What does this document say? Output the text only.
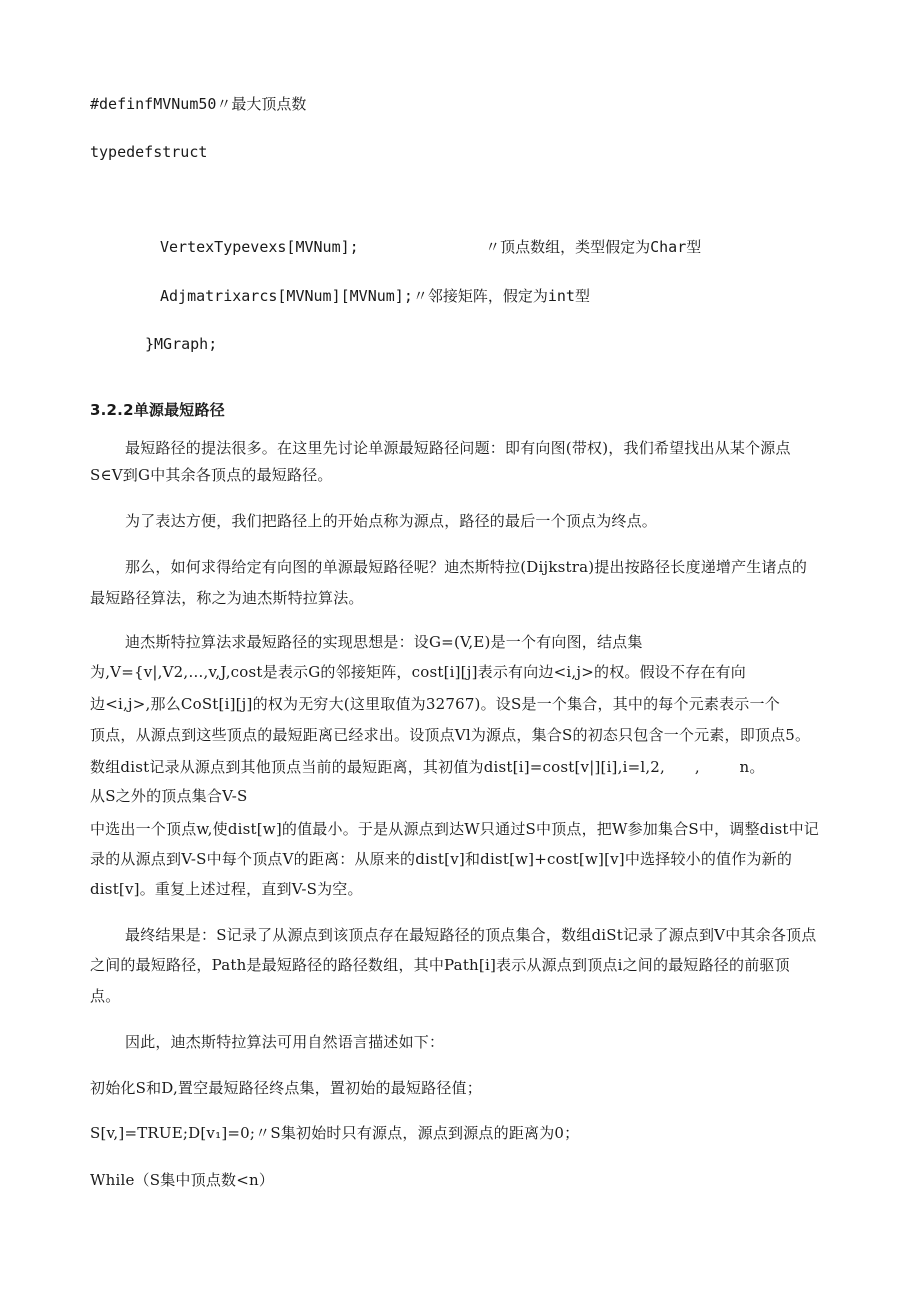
#definfMVNum50〃最大顶点数
typedefstruct
VertexTypevexs[MVNum];              〃顶点数组，类型假定为Char型
Adjmatrixarcs[MVNum][MVNum];〃邻接矩阵，假定为int型
}MGraph;
3.2.2单源最短路径
最短路径的提法很多。在这里先讨论单源最短路径问题：即有向图(带权)，我们希望找出从某个源点
S∈V到G中其余各顶点的最短路径。
为了表达方便，我们把路径上的开始点称为源点，路径的最后一个顶点为终点。
那么，如何求得给定有向图的单源最短路径呢？迪杰斯特拉(Dijkstra)提出按路径长度递增产生诸点的
最短路径算法，称之为迪杰斯特拉算法。
迪杰斯特拉算法求最短路径的实现思想是：设G=(V,E)是一个有向图，结点集
为,V={v|,V2,…,v,J,cost是表示G的邻接矩阵，cost[i][j]表示有向边<i,j>的权。假设不存在有向
边<i,j>,那么CoSt[i][j]的权为无穷大(这里取值为32767)。设S是一个集合，其中的每个元素表示一个
顶点，从源点到这些顶点的最短距离已经求出。设顶点Vl为源点，集合S的初态只包含一个元素，即顶点5。
数组dist记录从源点到其他顶点当前的最短距离，其初值为dist[i]=cost[v|][i],i=l,2,      ,        n。
从S之外的顶点集合V-S
中选出一个顶点w,使dist[w]的值最小。于是从源点到达W只通过S中顶点，把W参加集合S中，调整dist中记
录的从源点到V-S中每个顶点V的距离：从原来的dist[v]和dist[w]+cost[w][v]中选择较小的值作为新的
dist[v]。重复上述过程，直到V-S为空。
最终结果是：S记录了从源点到该顶点存在最短路径的顶点集合，数组diSt记录了源点到V中其余各顶点
之间的最短路径，Path是最短路径的路径数组，其中Path[i]表示从源点到顶点i之间的最短路径的前驱顶
点。
因此，迪杰斯特拉算法可用自然语言描述如下：
初始化S和D,置空最短路径终点集，置初始的最短路径值；
S[v,]=TRUE;D[v₁]=0;〃S集初始时只有源点，源点到源点的距离为0；
While（S集中顶点数<n）
